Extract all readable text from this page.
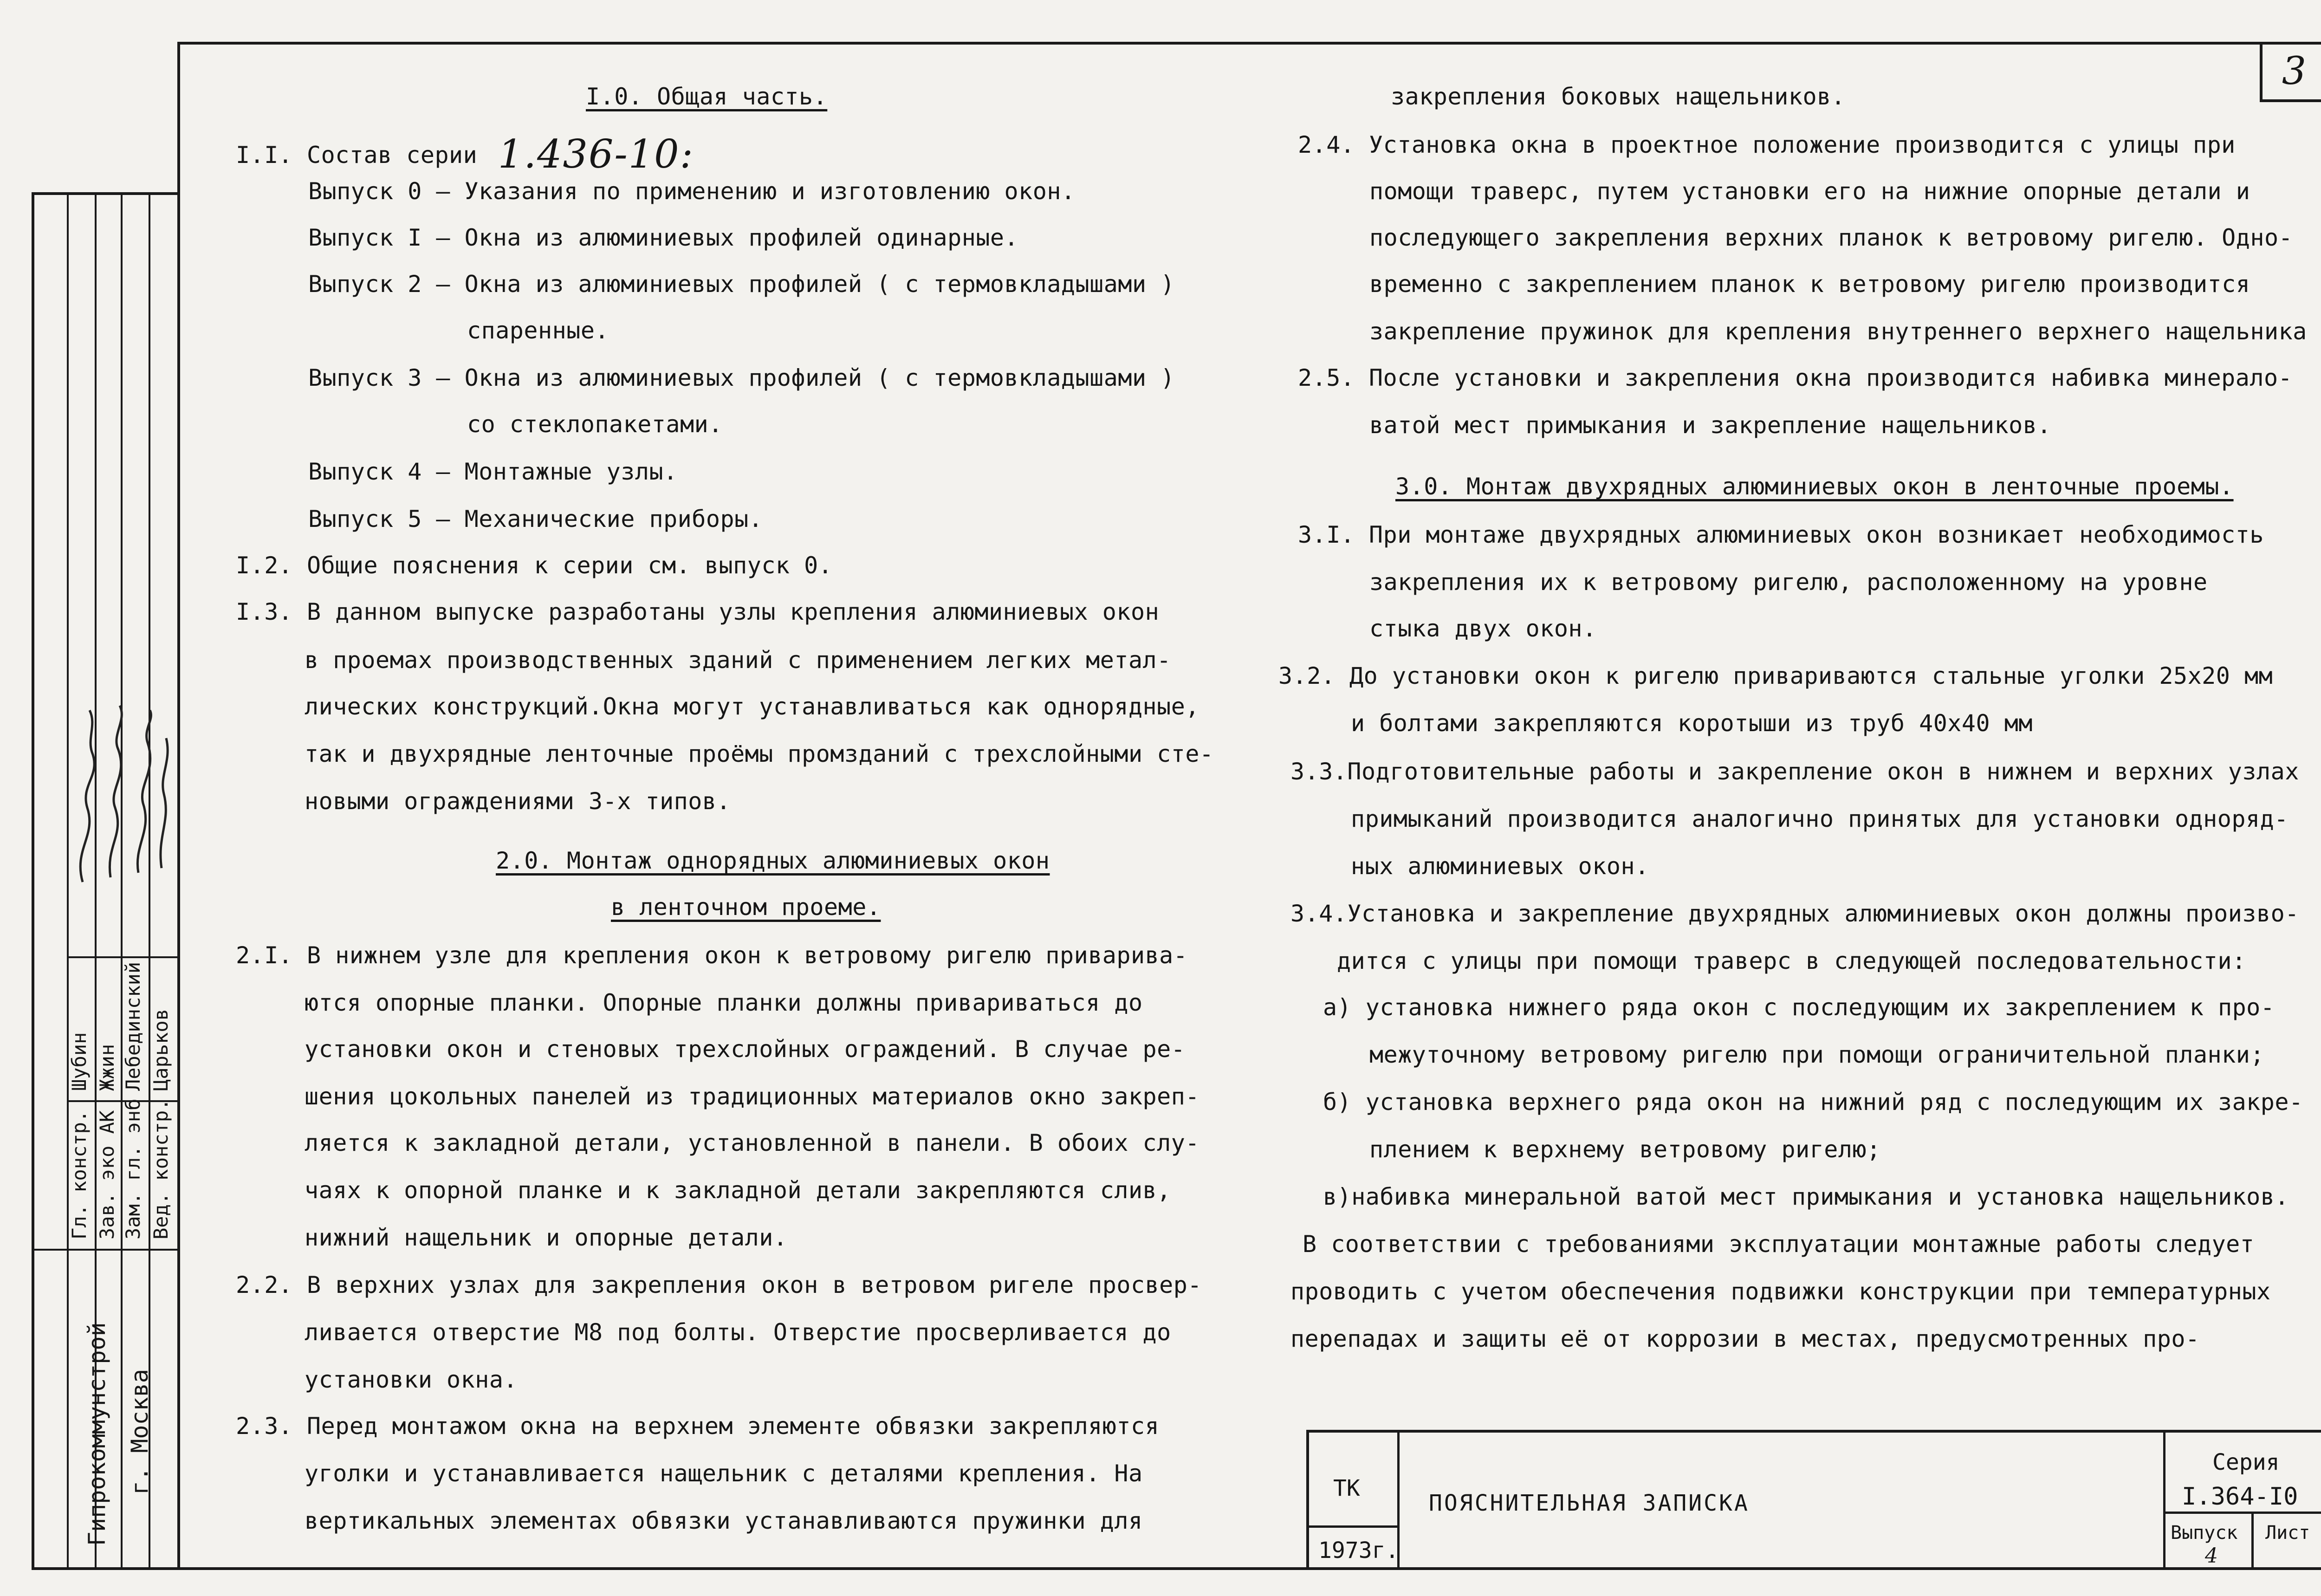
3
Гл. констр. Зав. эко АК Зам. гл. энб Вед. констр.
Шубин Жжин Лебединский Царьков
Гипрокоммунстрой г. Москва
I.0. Общая часть.
I.I. Состав серии 1.436-10:
Выпуск 0 – Указания по применению и изготовлению окон.
Выпуск I – Окна из алюминиевых профилей одинарные.
Выпуск 2 – Окна из алюминиевых профилей ( с термовкладышами )
спаренные.
Выпуск 3 – Окна из алюминиевых профилей ( с термовкладышами )
со стеклопакетами.
Выпуск 4 – Монтажные узлы.
Выпуск 5 – Механические приборы.
I.2. Общие пояснения к серии см. выпуск 0.
I.3. В данном выпуске разработаны узлы крепления алюминиевых окон
в проемах производственных зданий с применением легких метал-
лических конструкций.Окна могут устанавливаться как однорядные,
так и двухрядные ленточные проёмы промзданий с трехслойными сте-
новыми ограждениями 3-х типов.
2.0. Монтаж однорядных алюминиевых окон
в ленточном проеме.
2.I. В нижнем узле для крепления окон к ветровому ригелю приварива-
ются опорные планки. Опорные планки должны привариваться до
установки окон и стеновых трехслойных ограждений. В случае ре-
шения цокольных панелей из традиционных материалов окно закреп-
ляется к закладной детали, установленной в панели. В обоих слу-
чаях к опорной планке и к закладной детали закрепляются слив,
нижний нащельник и опорные детали.
2.2. В верхних узлах для закрепления окон в ветровом ригеле просвер-
ливается отверстие М8 под болты. Отверстие просверливается до
установки окна.
2.3. Перед монтажом окна на верхнем элементе обвязки закрепляются
уголки и устанавливается нащельник с деталями крепления. На
вертикальных элементах обвязки устанавливаются пружинки для
закрепления боковых нащельников.
2.4. Установка окна в проектное положение производится с улицы при
помощи траверс, путем установки его на нижние опорные детали и
последующего закрепления верхних планок к ветровому ригелю. Одно-
временно с закреплением планок к ветровому ригелю производится
закрепление пружинок для крепления внутреннего верхнего нащельника
2.5. После установки и закрепления окна производится набивка минерало-
ватой мест примыкания и закрепление нащельников.
3.0. Монтаж двухрядных алюминиевых окон в ленточные проемы.
3.I. При монтаже двухрядных алюминиевых окон возникает необходимость
закрепления их к ветровому ригелю, расположенному на уровне
стыка двух окон.
3.2. До установки окон к ригелю привариваются стальные уголки 25х20 мм
и болтами закрепляются коротыши из труб 40х40 мм
3.3.Подготовительные работы и закрепление окон в нижнем и верхних узлах
примыканий производится аналогично принятых для установки одноряд-
ных алюминиевых окон.
3.4.Установка и закрепление двухрядных алюминиевых окон должны произво-
дится с улицы при помощи траверс в следующей последовательности:
а) установка нижнего ряда окон с последующим их закреплением к про-
межуточному ветровому ригелю при помощи ограничительной планки;
б) установка верхнего ряда окон на нижний ряд с последующим их закре-
плением к верхнему ветровому ригелю;
в)набивка минеральной ватой мест примыкания и установка нащельников.
В соответствии с требованиями эксплуатации монтажные работы следует
проводить с учетом обеспечения подвижки конструкции при температурных
перепадах и защиты её от коррозии в местах, предусмотренных про-
ТК
1973г.
ПОЯСНИТЕЛЬНАЯ ЗАПИСКА
Серия
I.364-I0
Выпуск
4
Лист
